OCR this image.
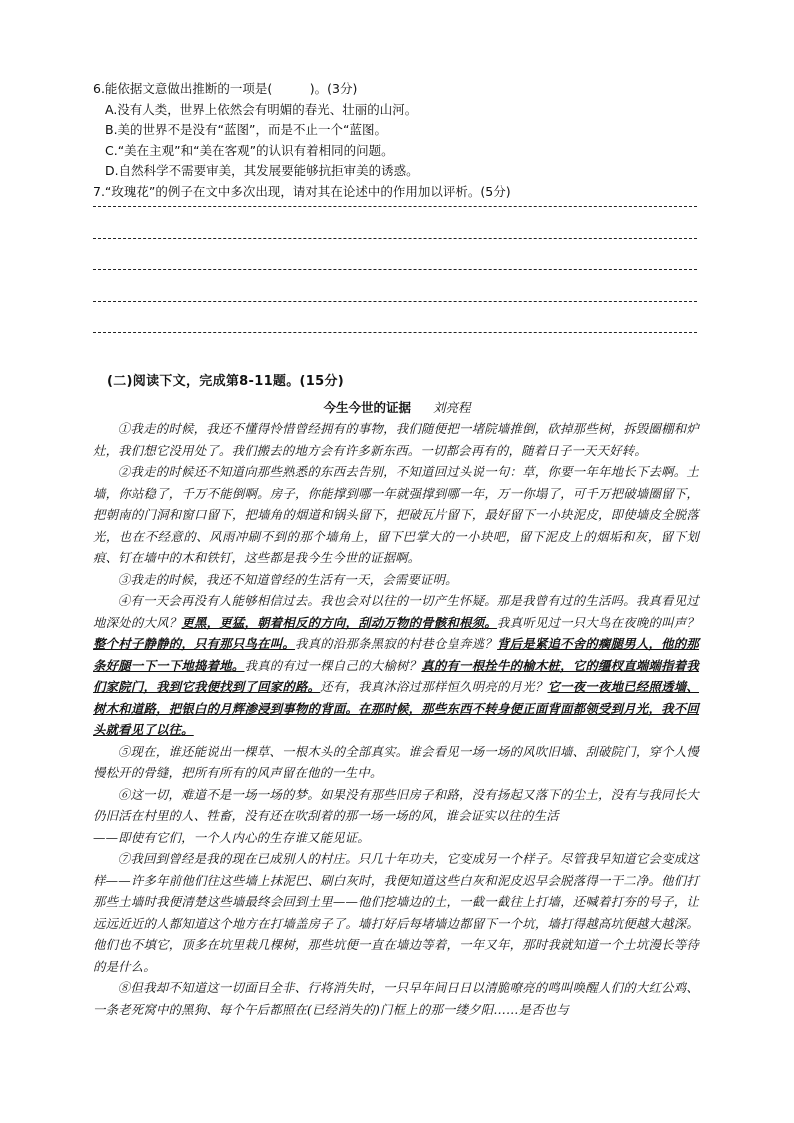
6.能依据文意做出推断的一项是(　　　)。(3分)
A.没有人类，世界上依然会有明媚的春光、壮丽的山河。
B.美的世界不是没有“蓝图”，而是不止一个“蓝图。
C.“美在主观”和“美在客观”的认识有着相同的问题。
D.自然科学不需要审美，其发展要能够抗拒审美的诱惑。
7.“玫瑰花”的例子在文中多次出现，请对其在论述中的作用加以评析。(5分)
(二)阅读下文，完成第8-11题。(15分)
今生今世的证据 刘亮程

①我走的时候，我还不懂得怜惜曾经拥有的事物，我们随便把一堵院墙推倒，砍掉那些树，拆毁圈棚和炉灶，我们想它没用处了。我们搬去的地方会有许多新东西。一切都会再有的，随着日子一天天好转。

②我走的时候还不知道向那些熟悉的东西去告别，不知道回过头说一句：草，你要一年年地长下去啊。土墙，你站稳了，千万不能倒啊。房子，你能撑到哪一年就强撑到哪一年，万一你塌了，可千万把破墙圈留下，把朝南的门洞和窗口留下，把墙角的烟道和锅头留下，把破瓦片留下，最好留下一小块泥皮，即使墙皮全脱落光，也在不经意的、风雨冲刷不到的那个墙角上，留下巴掌大的一小块吧，留下泥皮上的烟垢和灰，留下划痕、钉在墙中的木和铁钉，这些都是我今生今世的证据啊。

③我走的时候，我还不知道曾经的生活有一天，会需要证明。

④有一天会再没有人能够相信过去。我也会对以往的一切产生怀疑。那是我曾有过的生活吗。我真看见过地深处的大风？更黑，更猛，朝着相反的方向，刮动万物的骨骸和根须。我真听见过一只大鸟在夜晚的叫声？整个村子静静的，只有那只鸟在叫。我真的沿那条黑寂的村巷仓皇奔逃？背后是紧追不舍的瘸腿男人，他的那条好腿一下一下地捣着地。我真的有过一棵自己的大榆树？真的有一根拴牛的榆木桩，它的缰杈直端端指着我们家院门，我到它我便找到了回家的路。还有，我真沐浴过那样恒久明亮的月光？它一夜一夜地已经照透墙、树木和道路，把银白的月辉渗浸到事物的背面。在那时候，那些东西不转身便正面背面都领受到月光，我不回头就看见了以往。

⑤现在，谁还能说出一棵草、一根木头的全部真实。谁会看见一场一场的风吹旧墙、刮破院门，穿个人慢慢松开的骨缝，把所有所有的风声留在他的一生中。

⑥这一切，难道不是一场一场的梦。如果没有那些旧房子和路，没有扬起又落下的尘土，没有与我同长大仍旧活在村里的人、牲畜，没有还在吹刮着的那一场一场的风，谁会证实以往的生活

——即使有它们，一个人内心的生存谁又能见证。

⑦我回到曾经是我的现在已成别人的村庄。只几十年功夫，它变成另一个样子。尽管我早知道它会变成这样——许多年前他们往这些墙上抹泥巴、刷白灰时，我便知道这些白灰和泥皮迟早会脱落得一干二净。他们打那些土墙时我便清楚这些墙最终会回到土里——他们挖墙边的土，一截一截往上打墙，还喊着打夯的号子，让远远近近的人都知道这个地方在打墙盖房子了。墙打好后每堵墙边都留下一个坑，墙打得越高坑便越大越深。他们也不填它，顶多在坑里栽几棵树，那些坑便一直在墙边等着，一年又年，那时我就知道一个土坑漫长等待的是什么。

⑧但我却不知道这一切面目全非、行将消失时，一只早年间日日以清脆嘹亮的鸣叫唤醒人们的大红公鸡、一条老死窝中的黑狗、每个午后都照在(已经消失的)门框上的那一缕夕阳……是否也与
